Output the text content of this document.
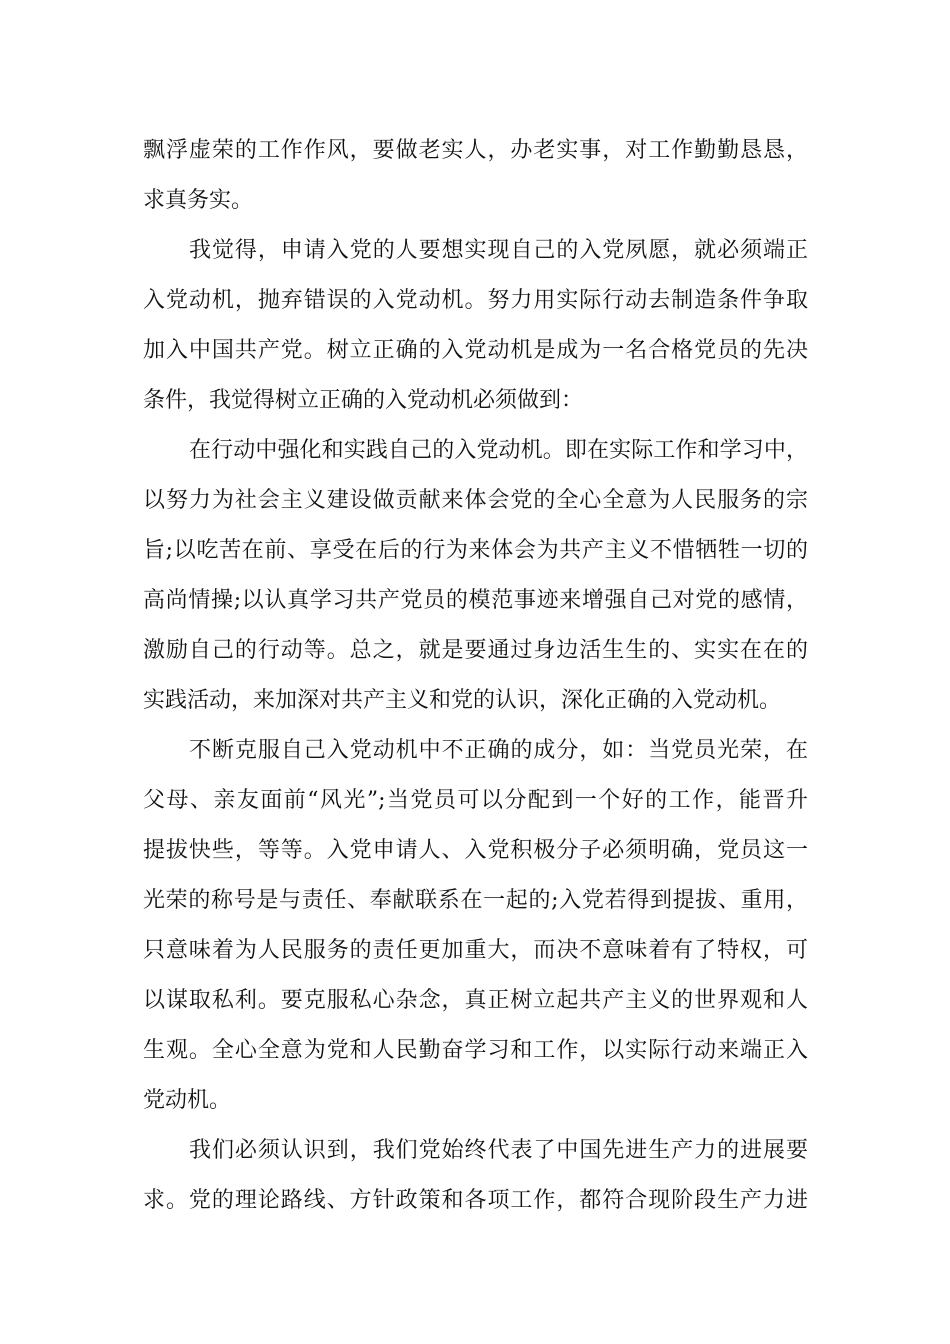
飘浮虚荣的工作作风，要做老实人，办老实事，对工作勤勤恳恳，
求真务实。
我觉得，申请入党的人要想实现自己的入党夙愿，就必须端正
入党动机，抛弃错误的入党动机。努力用实际行动去制造条件争取
加入中国共产党。树立正确的入党动机是成为一名合格党员的先决
条件，我觉得树立正确的入党动机必须做到：
在行动中强化和实践自己的入党动机。即在实际工作和学习中，
以努力为社会主义建设做贡献来体会党的全心全意为人民服务的宗
旨;以吃苦在前、享受在后的行为来体会为共产主义不惜牺牲一切的
高尚情操;以认真学习共产党员的模范事迹来增强自己对党的感情，
激励自己的行动等。总之，就是要通过身边活生生的、实实在在的
实践活动，来加深对共产主义和党的认识，深化正确的入党动机。
不断克服自己入党动机中不正确的成分，如：当党员光荣，在
父母、亲友面前“风光”;当党员可以分配到一个好的工作，能晋升
提拔快些，等等。入党申请人、入党积极分子必须明确，党员这一
光荣的称号是与责任、奉献联系在一起的;入党若得到提拔、重用，
只意味着为人民服务的责任更加重大，而决不意味着有了特权，可
以谋取私利。要克服私心杂念，真正树立起共产主义的世界观和人
生观。全心全意为党和人民勤奋学习和工作，以实际行动来端正入
党动机。
我们必须认识到，我们党始终代表了中国先进生产力的进展要
求。党的理论路线、方针政策和各项工作，都符合现阶段生产力进
